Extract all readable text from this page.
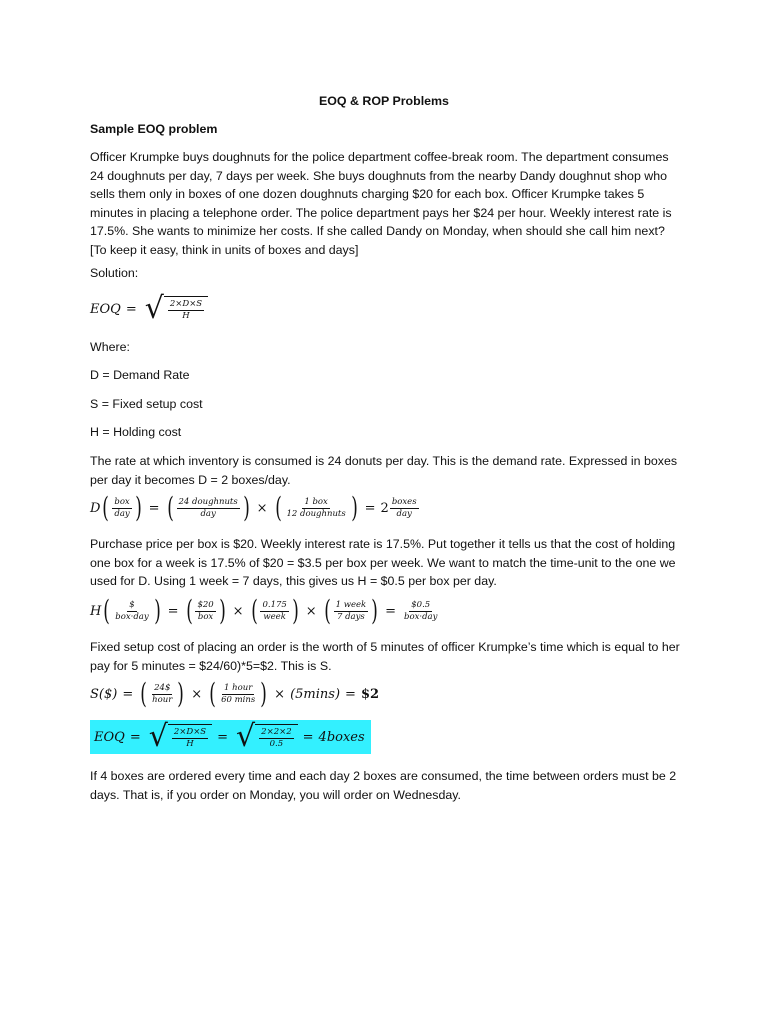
EOQ & ROP Problems
Sample EOQ problem
Officer Krumpke buys doughnuts for the police department coffee-break room. The department consumes 24 doughnuts per day, 7 days per week. She buys doughnuts from the nearby Dandy doughnut shop who sells them only in boxes of one dozen doughnuts charging $20 for each box. Officer Krumpke takes 5 minutes in placing a telephone order. The police department pays her $24 per hour. Weekly interest rate is 17.5%. She wants to minimize her costs. If she called Dandy on Monday, when should she call him next?[To keep it easy, think in units of boxes and days]
Solution:
EOQ = √ $\frac{2\times D\times S}{H}$
Where:
D = Demand Rate
S = Fixed setup cost
H = Holding cost
The rate at which inventory is consumed is 24 donuts per day. This is the demand rate. Expressed in boxes per day it becomes D = 2 boxes/day.
D ( $\frac{\text{box}}{\text{day}}$ ) = ( $\frac{\text{24 doughnuts}}{\text{day}}$ ) × ( $\frac{\text{1 box}}{\text{12 doughnuts}}$ ) = $2 \frac{\text{boxes}}{\text{day}}$
Purchase price per box is $20. Weekly interest rate is 17.5%. Put together it tells us that the cost of holding one box for a week is 17.5% of $20 = $3.5 per box per week. We want to match the time-unit to the one we used for D. Using 1 week = 7 days, this gives us H = $0.5 per box per day.
H ( $\frac{\$}{\text{box·day}}$ ) = ( $\frac{\$20}{\text{box}}$ ) × ( $\frac{0.175}{\text{week}}$ ) × ( $\frac{\text{1 week}}{\text{7 days}}$ ) = $\frac{\$0.5}{\text{box·day}}$
Fixed setup cost of placing an order is the worth of 5 minutes of officer Krumpke’s time which is equal to her pay for 5 minutes = $24/60)*5=$2. This is S.
S($) = ( $\frac{24\$}{\text{hour}}$ ) × ( $\frac{\text{1 hour}}{60 \min s}$ ) × (5mins) = $2
EOQ = √ $\frac{2\times D\times S}{H}$ = √ $\frac{2\times 2\times 2}{0.5}$ = 4boxes
If 4 boxes are ordered every time and each day 2 boxes are consumed, the time between orders must be 2 days. That is, if you order on Monday, you will order on Wednesday.
